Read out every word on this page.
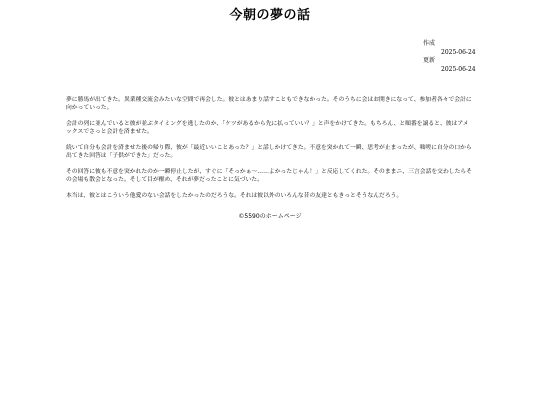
今朝の夢の話
作成
2025-06-24
更新
2025-06-24

夢に勝馬が出てきた。異業種交流会みたいな空間で再会した。彼とはあまり話すこともできなかった。そのうちに会はお開きになって、参加者各々で会計に向かっていった。

会計の列に並んでいると彼が並ぶタイミングを逃したのか、「ケツがあるから先に払っていい？」と声をかけてきた。もちろん、と順番を譲ると、彼はアメックスでさっと会計を済ませた。

続いて自分も会計を済ませた後の帰り際、彼が「最近いいことあった？」と話しかけてきた。不意を突かれて一瞬、思考が止まったが、咄嗟に自分の口から出てきた回答は「子供ができた」だった。

その回答に彼も不意を突かれたのか一瞬停止したが、すぐに「そっかぁ～……よかったじゃん！」と反応してくれた。そのままニ、三言会話を交わしたらその会場も散会となった。そして目が醒め、それが夢だったことに気づいた。

本当は、彼とはこういう他愛のない会話をしたかったのだろうな。それは彼以外のいろんな昔の友達ともきっとそうなんだろう。

©5590のホームページ
